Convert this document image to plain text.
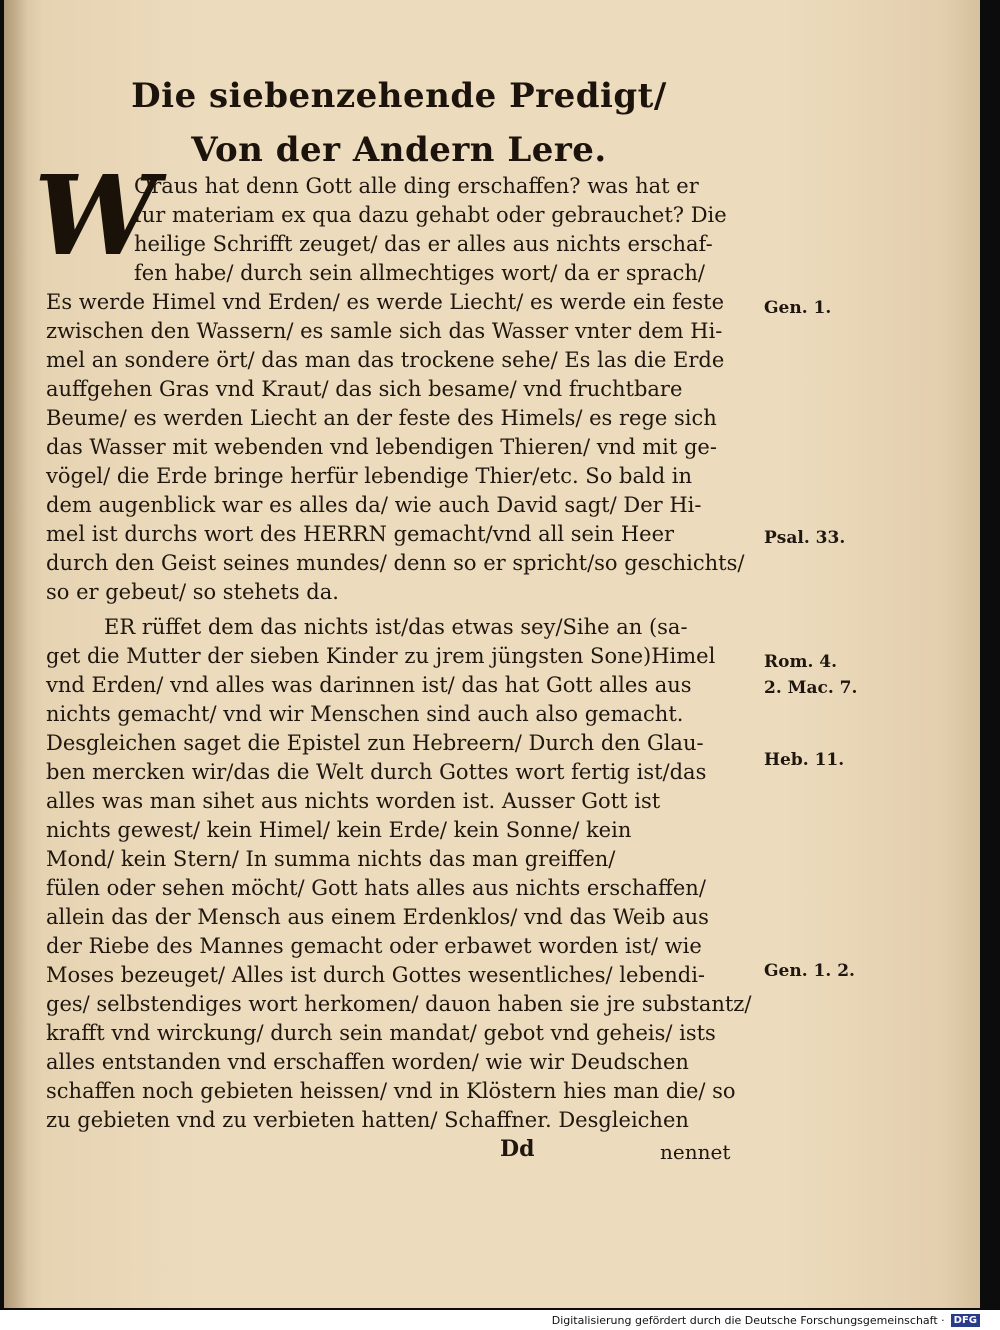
Die siebenzehende Predigt/
Von der Andern Lere.
W
Oraus hat denn Gott alle ding erschaffen? was hat er
fur materiam ex qua dazu gehabt oder gebrauchet? Die
heilige Schrifft zeuget/ das er alles aus nichts erschaf-
fen habe/ durch sein allmechtiges wort/ da er sprach/
Es werde Himel vnd Erden/ es werde Liecht/ es werde ein feste
zwischen den Wassern/ es samle sich das Wasser vnter dem Hi-
mel an sondere ört/ das man das trockene sehe/ Es las die Erde
auffgehen Gras vnd Kraut/ das sich besame/ vnd fruchtbare
Beume/ es werden Liecht an der feste des Himels/ es rege sich
das Wasser mit webenden vnd lebendigen Thieren/ vnd mit ge-
vögel/ die Erde bringe herfür lebendige Thier/etc. So bald in
dem augenblick war es alles da/ wie auch David sagt/ Der Hi-
mel ist durchs wort des HERRN gemacht/vnd all sein Heer
durch den Geist seines mundes/ denn so er spricht/so geschichts/
so er gebeut/ so stehets da.
ER rüffet dem das nichts ist/das etwas sey/Sihe an (sa-
get die Mutter der sieben Kinder zu jrem jüngsten Sone)Himel
vnd Erden/ vnd alles was darinnen ist/ das hat Gott alles aus
nichts gemacht/ vnd wir Menschen sind auch also gemacht.
Desgleichen saget die Epistel zun Hebreern/ Durch den Glau-
ben mercken wir/das die Welt durch Gottes wort fertig ist/das
alles was man sihet aus nichts worden ist. Ausser Gott ist
nichts gewest/ kein Himel/ kein Erde/ kein Sonne/ kein
Mond/ kein Stern/ In summa nichts das man greiffen/
fülen oder sehen möcht/ Gott hats alles aus nichts erschaffen/
allein das der Mensch aus einem Erdenklos/ vnd das Weib aus
der Riebe des Mannes gemacht oder erbawet worden ist/ wie
Moses bezeuget/ Alles ist durch Gottes wesentliches/ lebendi-
ges/ selbstendiges wort herkomen/ dauon haben sie jre substantz/
krafft vnd wirckung/ durch sein mandat/ gebot vnd geheis/ ists
alles entstanden vnd erschaffen worden/ wie wir Deudschen
schaffen noch gebieten heissen/ vnd in Klöstern hies man die/ so
zu gebieten vnd zu verbieten hatten/ Schaffner. Desgleichen
Dd	nennet
Gen. 1.
Psal. 33.
Rom. 4.
2. Mac. 7.
Heb. 11.
Gen. 1. 2.
Digitalisierung gefördert durch die Deutsche Forschungsgemeinschaft · DFG
